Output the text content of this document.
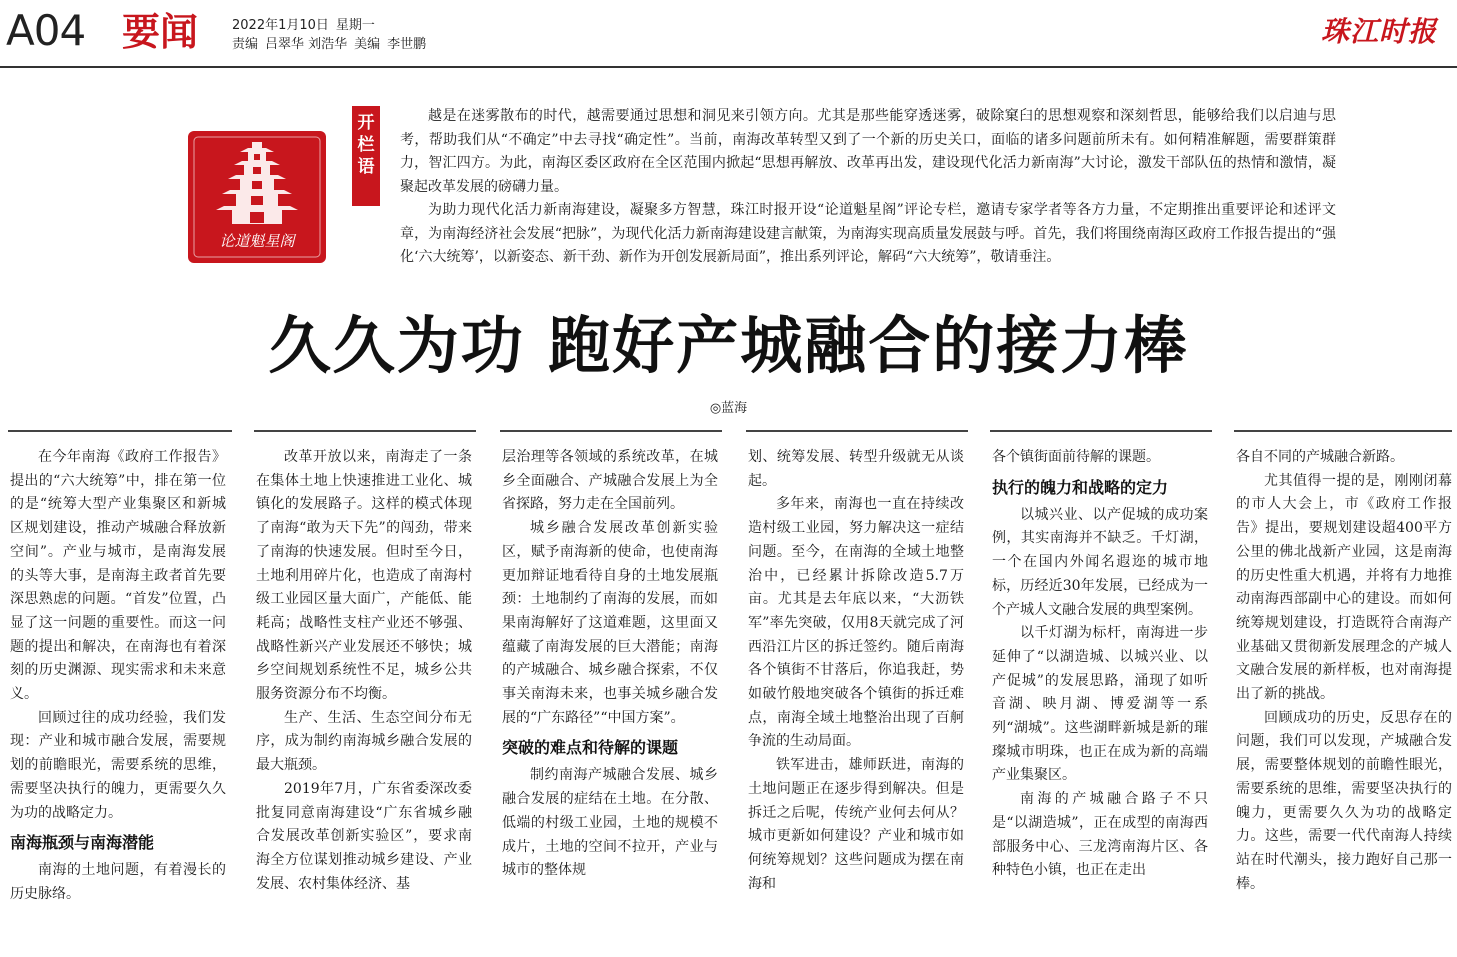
A04 要闻	2022年1月10日 星期一
责编 吕翠华 刘浩华 美编 李世鹏	珠江时报
论道魁星阁
开
栏
语

越是在迷雾散布的时代，越需要通过思想和洞见来引领方向。尤其是那些能穿透迷雾，破除窠臼的思想观察和深刻哲思，能够给我们以启迪与思考，帮助我们从“不确定”中去寻找“确定性”。当前，南海改革转型又到了一个新的历史关口，面临的诸多问题前所未有。如何精准解题，需要群策群力，智汇四方。为此，南海区委区政府在全区范围内掀起“思想再解放、改革再出发，建设现代化活力新南海”大讨论，激发干部队伍的热情和激情，凝聚起改革发展的磅礴力量。

为助力现代化活力新南海建设，凝聚多方智慧，珠江时报开设“论道魁星阁”评论专栏，邀请专家学者等各方力量，不定期推出重要评论和述评文章，为南海经济社会发展“把脉”，为现代化活力新南海建设建言献策，为南海实现高质量发展鼓与呼。首先，我们将围绕南海区政府工作报告提出的“强化‘六大统筹’，以新姿态、新干劲、新作为开创发展新局面”，推出系列评论，解码“六大统筹”，敬请垂注。

久久为功 跑好产城融合的接力棒
◎蓝海

在今年南海《政府工作报告》提出的“六大统筹”中，排在第一位的是“统筹大型产业集聚区和新城区规划建设，推动产城融合释放新空间”。产业与城市，是南海发展的头等大事，是南海主政者首先要深思熟虑的问题。“首发”位置，凸显了这一问题的重要性。而这一问题的提出和解决，在南海也有着深刻的历史渊源、现实需求和未来意义。

回顾过往的成功经验，我们发现：产业和城市融合发展，需要规划的前瞻眼光，需要系统的思维，需要坚决执行的魄力，更需要久久为功的战略定力。

南海瓶颈与南海潜能

南海的土地问题，有着漫长的历史脉络。

改革开放以来，南海走了一条在集体土地上快速推进工业化、城镇化的发展路子。这样的模式体现了南海“敢为天下先”的闯劲，带来了南海的快速发展。但时至今日，土地利用碎片化，也造成了南海村级工业园区量大面广，产能低、能耗高；战略性支柱产业还不够强、战略性新兴产业发展还不够快；城乡空间规划系统性不足，城乡公共服务资源分布不均衡。

生产、生活、生态空间分布无序，成为制约南海城乡融合发展的最大瓶颈。

2019年7月，广东省委深改委批复同意南海建设“广东省城乡融合发展改革创新实验区”，要求南海全方位谋划推动城乡建设、产业发展、农村集体经济、基

层治理等各领域的系统改革，在城乡全面融合、产城融合发展上为全省探路，努力走在全国前列。

城乡融合发展改革创新实验区，赋予南海新的使命，也使南海更加辩证地看待自身的土地发展瓶颈：土地制约了南海的发展，而如果南海解好了这道难题，这里面又蕴藏了南海发展的巨大潜能；南海的产城融合、城乡融合探索，不仅事关南海未来，也事关城乡融合发展的“广东路径”“中国方案”。

突破的难点和待解的课题

制约南海产城融合发展、城乡融合发展的症结在土地。在分散、低端的村级工业园，土地的规模不成片，土地的空间不拉开，产业与城市的整体规

划、统筹发展、转型升级就无从谈起。

多年来，南海也一直在持续改造村级工业园，努力解决这一症结问题。至今，在南海的全域土地整治中，已经累计拆除改造5.7万亩。尤其是去年底以来，“大沥铁军”率先突破，仅用8天就完成了河西沿江片区的拆迁签约。随后南海各个镇街不甘落后，你追我赶，势如破竹般地突破各个镇街的拆迁难点，南海全域土地整治出现了百舸争流的生动局面。

铁军进击，雄师跃进，南海的土地问题正在逐步得到解决。但是拆迁之后呢，传统产业何去何从？城市更新如何建设？产业和城市如何统筹规划？这些问题成为摆在南海和

各个镇街面前待解的课题。

执行的魄力和战略的定力

以城兴业、以产促城的成功案例，其实南海并不缺乏。千灯湖，一个在国内外闻名遐迩的城市地标，历经近30年发展，已经成为一个产城人文融合发展的典型案例。

以千灯湖为标杆，南海进一步延伸了“以湖造城、以城兴业、以产促城”的发展思路，涌现了如听音湖、映月湖、博爱湖等一系列“湖城”。这些湖畔新城是新的璀璨城市明珠，也正在成为新的高端产业集聚区。

南海的产城融合路子不只是“以湖造城”，正在成型的南海西部服务中心、三龙湾南海片区、各种特色小镇，也正在走出

各自不同的产城融合新路。

尤其值得一提的是，刚刚闭幕的市人大会上，市《政府工作报告》提出，要规划建设超400平方公里的佛北战新产业园，这是南海的历史性重大机遇，并将有力地推动南海西部副中心的建设。而如何统筹规划建设，打造既符合南海产业基础又贯彻新发展理念的产城人文融合发展的新样板，也对南海提出了新的挑战。

回顾成功的历史，反思存在的问题，我们可以发现，产城融合发展，需要整体规划的前瞻性眼光，需要系统的思维，需要坚决执行的魄力，更需要久久为功的战略定力。这些，需要一代代南海人持续站在时代潮头，接力跑好自己那一棒。
